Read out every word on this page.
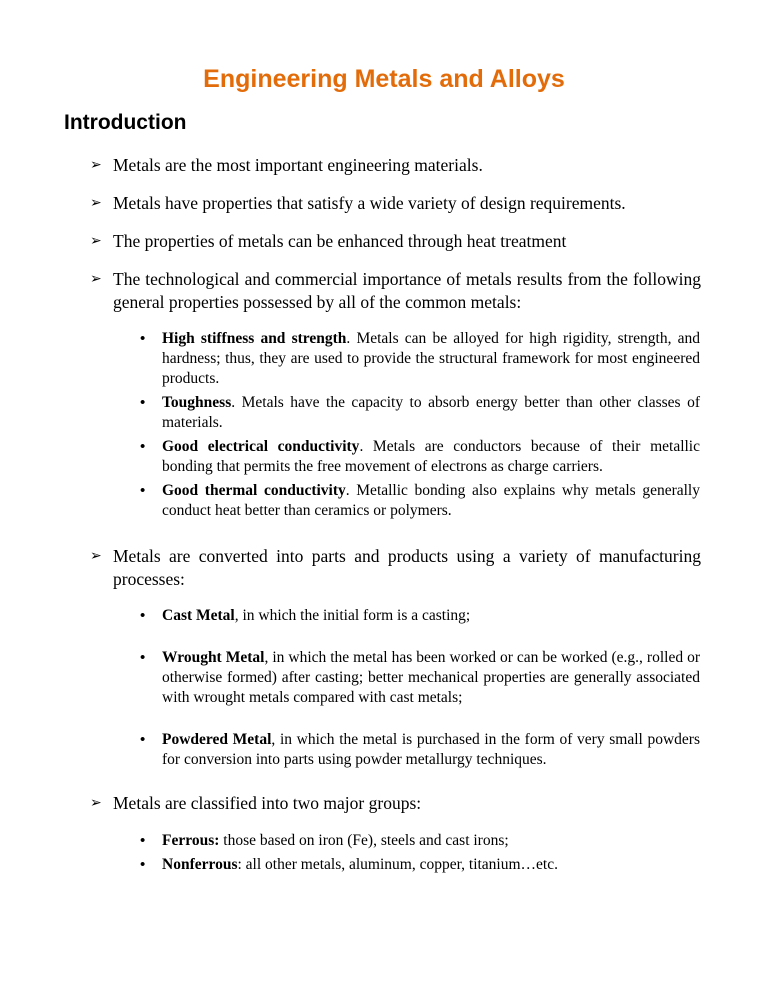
Engineering Metals and Alloys
Introduction
➢ Metals are the most important engineering materials.

➢ Metals have properties that satisfy a wide variety of design requirements.

➢ The properties of metals can be enhanced through heat treatment

➢ The technological and commercial importance of metals results from the following general properties possessed by all of the common metals:

•	High stiffness and strength. Metals can be alloyed for high rigidity, strength, and hardness; thus, they are used to provide the structural framework for most engineered products.

•	Toughness. Metals have the capacity to absorb energy better than other classes of materials.

•	Good electrical conductivity. Metals are conductors because of their metallic bonding that permits the free movement of electrons as charge carriers.

•	Good thermal conductivity. Metallic bonding also explains why metals generally conduct heat better than ceramics or polymers.

➢ Metals are converted into parts and products using a variety of manufacturing processes:

•	Cast Metal, in which the initial form is a casting;

•	Wrought Metal, in which the metal has been worked or can be worked (e.g., rolled or otherwise formed) after casting; better mechanical properties are generally associated with wrought metals compared with cast metals;

•	Powdered Metal, in which the metal is purchased in the form of very small powders for conversion into parts using powder metallurgy techniques.

➢ Metals are classified into two major groups:

•	Ferrous: those based on iron (Fe), steels and cast irons;

•	Nonferrous: all other metals, aluminum, copper, titanium…etc.
